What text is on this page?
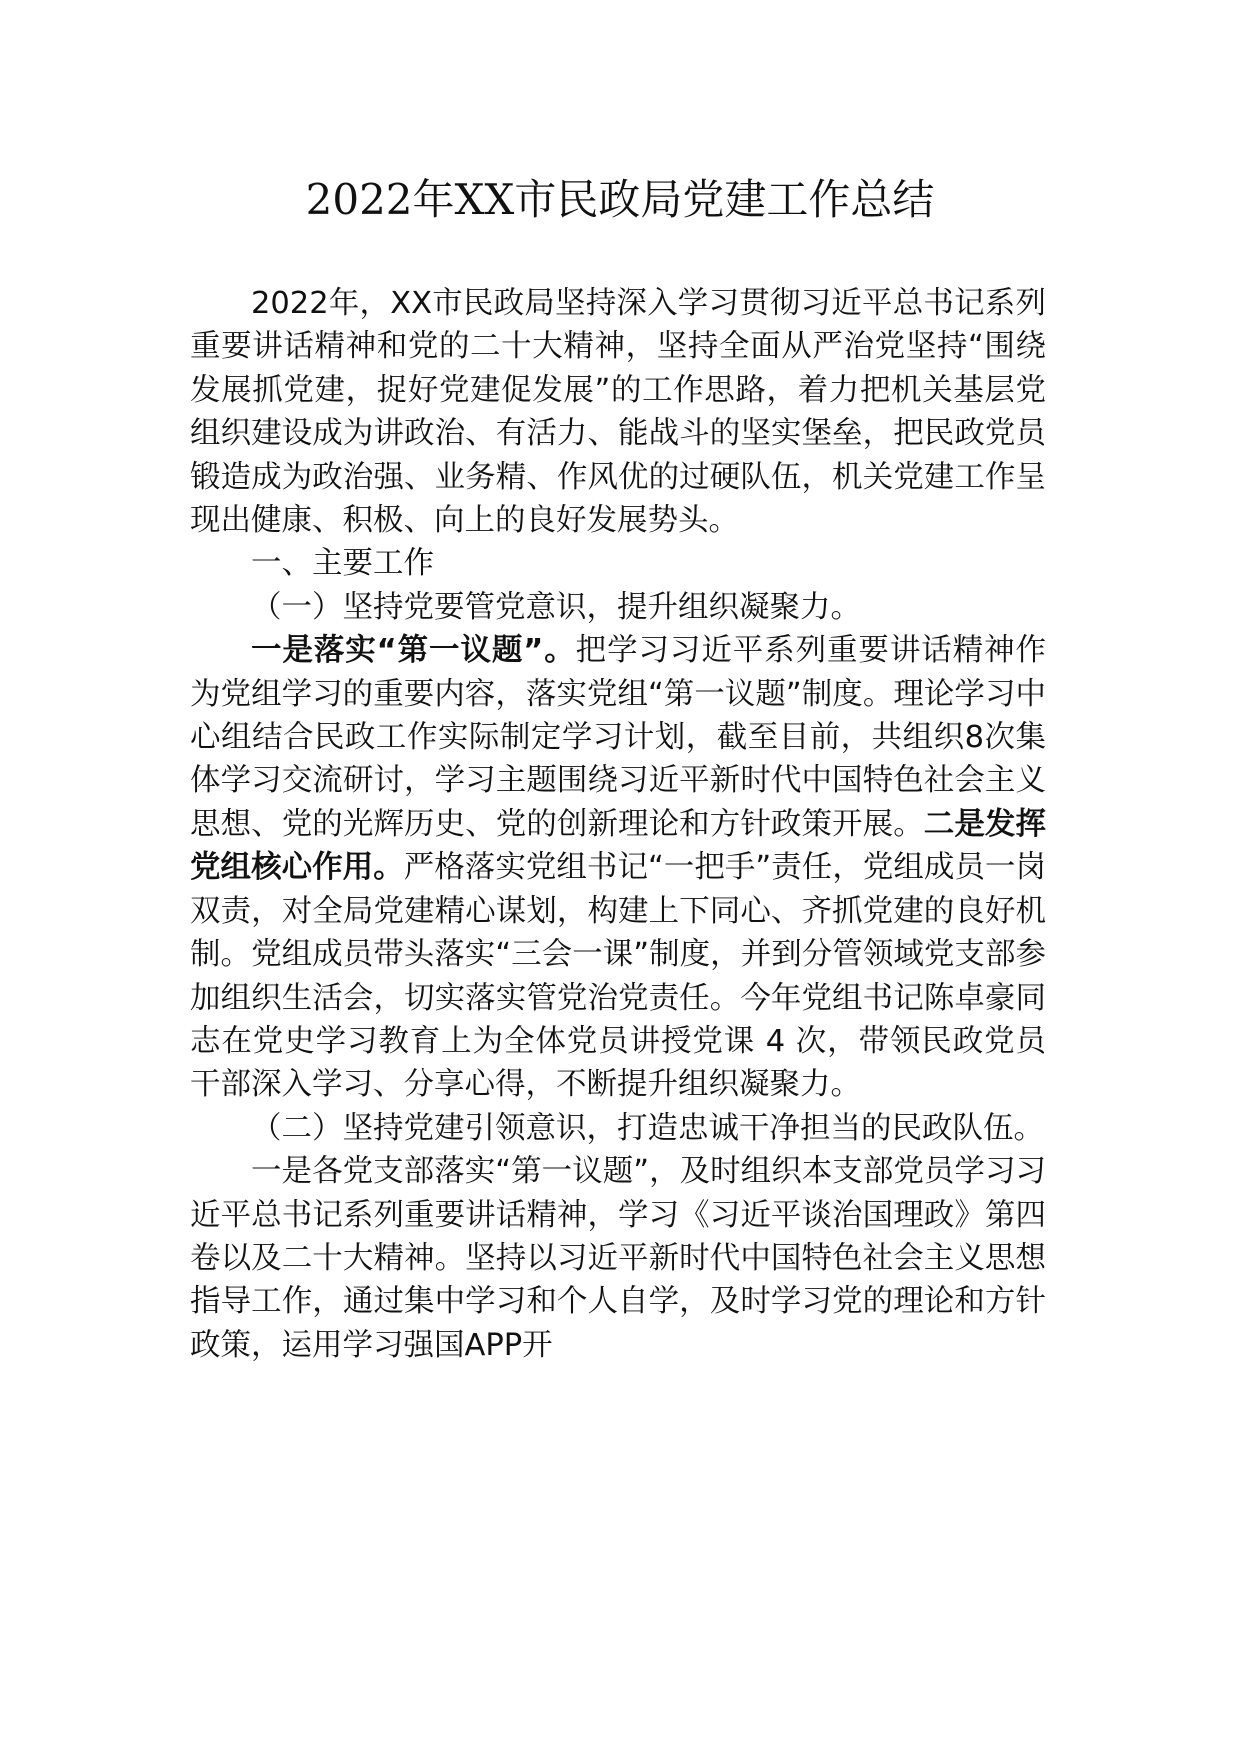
2022年XX市民政局党建工作总结

2022年，XX市民政局坚持深入学习贯彻习近平总书记系列重要讲话精神和党的二十大精神，坚持全面从严治党坚持“围绕发展抓党建，捉好党建促发展”的工作思路，着力把机关基层党组织建设成为讲政治、有活力、能战斗的坚实堡垒，把民政党员锻造成为政治强、业务精、作风优的过硬队伍，机关党建工作呈现出健康、积极、向上的良好发展势头。

一、主要工作

（一）坚持党要管党意识，提升组织凝聚力。

一是落实“第一议题”。把学习习近平系列重要讲话精神作为党组学习的重要内容，落实党组“第一议题”制度。理论学习中心组结合民政工作实际制定学习计划，截至目前，共组织8次集体学习交流研讨，学习主题围绕习近平新时代中国特色社会主义思想、党的光辉历史、党的创新理论和方针政策开展。二是发挥党组核心作用。严格落实党组书记“一把手”责任，党组成员一岗双责，对全局党建精心谋划，构建上下同心、齐抓党建的良好机制。党组成员带头落实“三会一课”制度，并到分管领域党支部参加组织生活会，切实落实管党治党责任。今年党组书记陈卓豪同志在党史学习教育上为全体党员讲授党课 4 次，带领民政党员干部深入学习、分享心得，不断提升组织凝聚力。

（二）坚持党建引领意识，打造忠诚干净担当的民政队伍。

一是各党支部落实“第一议题”，及时组织本支部党员学习习近平总书记系列重要讲话精神，学习《习近平谈治国理政》第四卷以及二十大精神。坚持以习近平新时代中国特色社会主义思想指导工作，通过集中学习和个人自学，及时学习党的理论和方针政策，运用学习强国APP开
